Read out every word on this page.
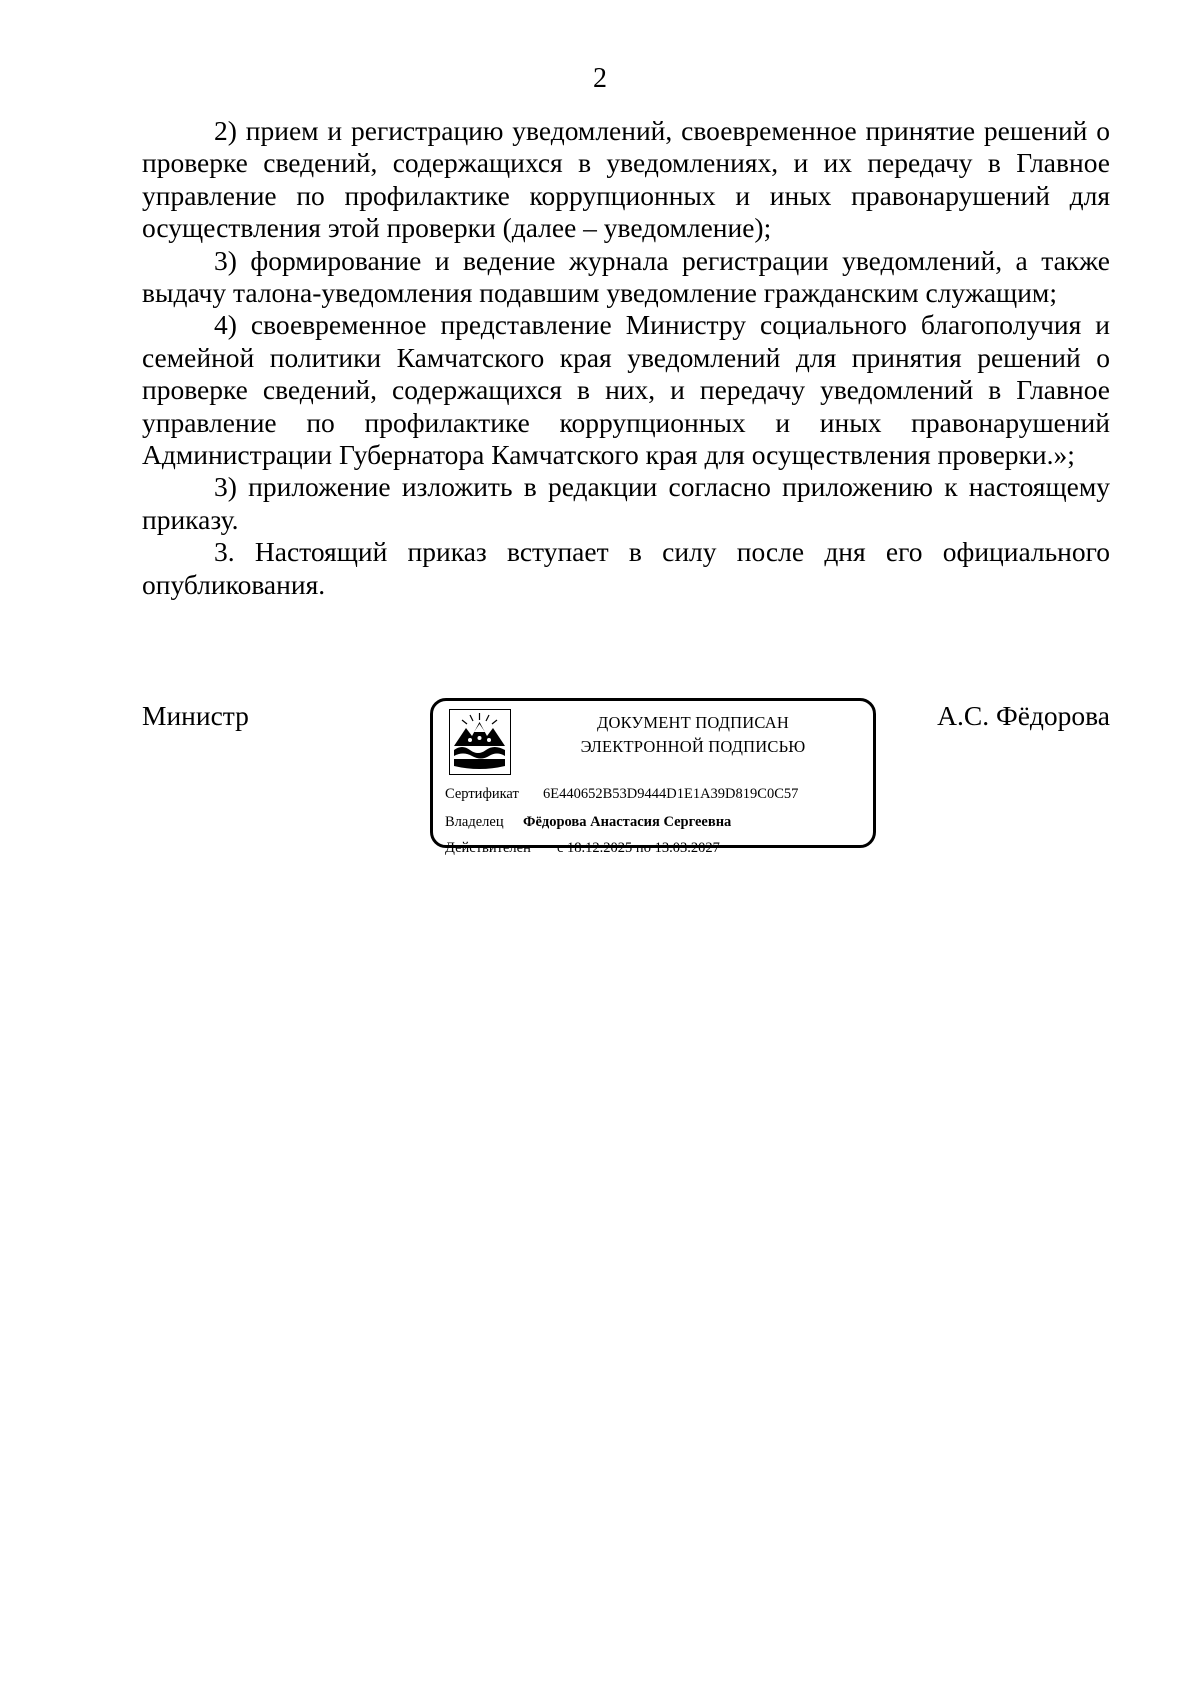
2

2) прием и регистрацию уведомлений, своевременное принятие решений о проверке сведений, содержащихся в уведомлениях, и их передачу в Главное управление по профилактике коррупционных и иных правонарушений для осуществления этой проверки (далее – уведомление);

3) формирование и ведение журнала регистрации уведомлений, а также выдачу талона-уведомления подавшим уведомление гражданским служащим;

4) своевременное представление Министру социального благополучия и семейной политики Камчатского края уведомлений для принятия решений о проверке сведений, содержащихся в них, и передачу уведомлений в Главное управление по профилактике коррупционных и иных правонарушений Администрации Губернатора Камчатского края для осуществления проверки.»;

3) приложение изложить в редакции согласно приложению к настоящему приказу.

3. Настоящий приказ вступает в силу после дня его официального опубликования.

Министр	ДОКУМЕНТ ПОДПИСАН
ЭЛЕКТРОННОЙ ПОДПИСЬЮ
Сертификат 6E440652B53D9444D1E1A39D819C0C57
Владелец Фёдорова Анастасия Сергеевна
Действителен с 18.12.2025 по 13.03.2027
А.С. Фёдорова
